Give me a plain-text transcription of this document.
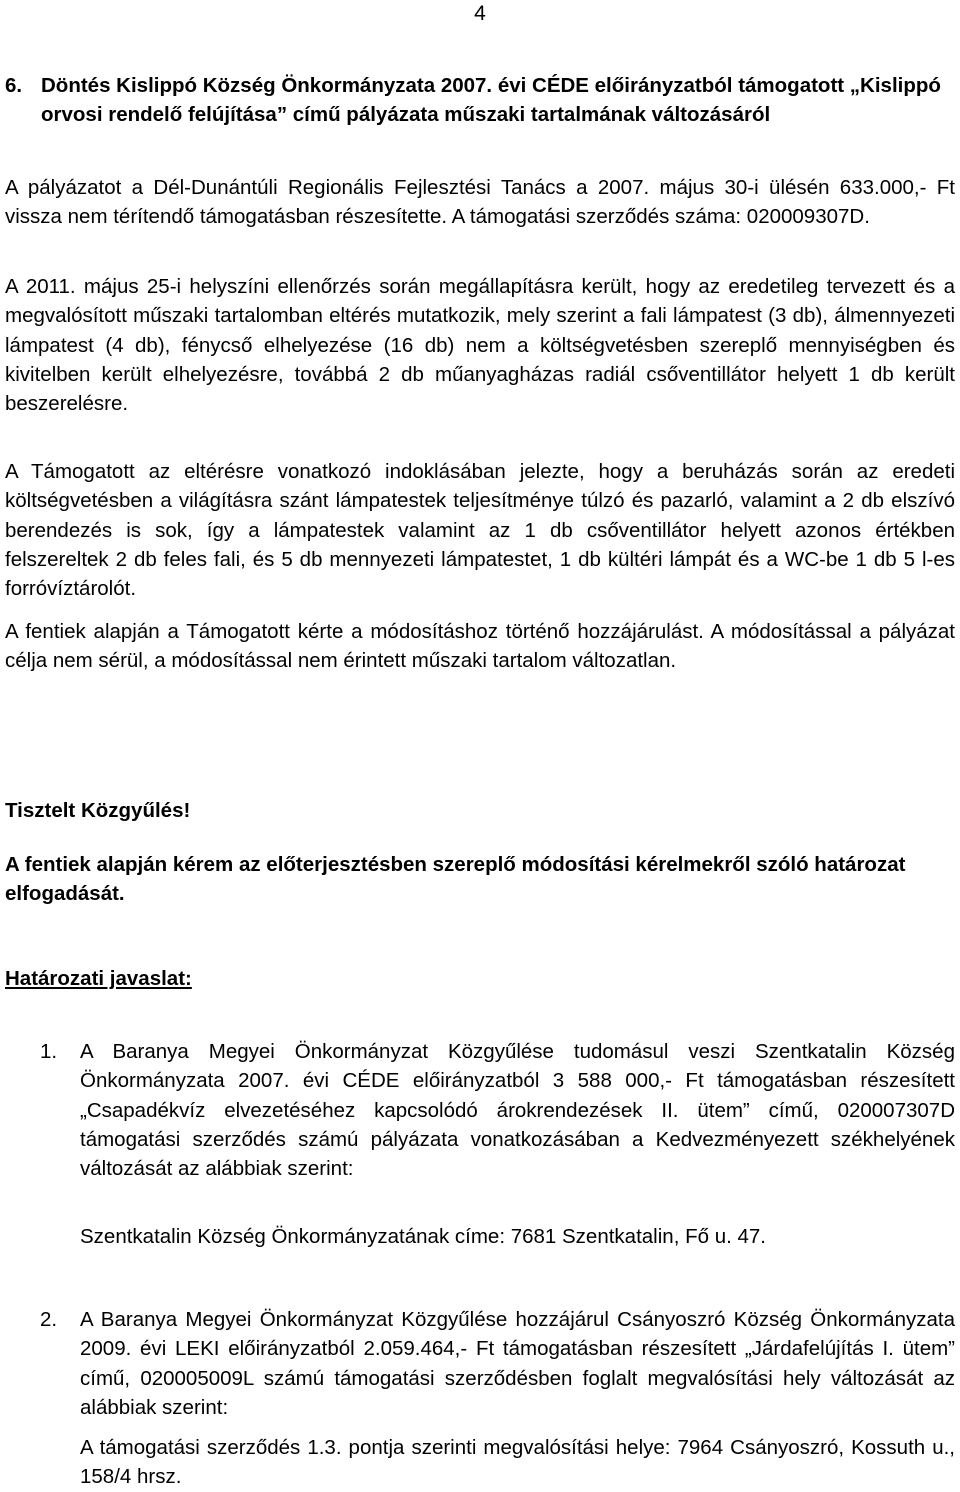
4
6. Döntés Kislippó Község Önkormányzata 2007. évi CÉDE előirányzatból támogatott „Kislippó orvosi rendelő felújítása” című pályázata műszaki tartalmának változásáról
A pályázatot a Dél-Dunántúli Regionális Fejlesztési Tanács a 2007. május 30-i ülésén 633.000,- Ft vissza nem térítendő támogatásban részesítette. A támogatási szerződés száma: 020009307D.
A 2011. május 25-i helyszíni ellenőrzés során megállapításra került, hogy az eredetileg tervezett és a megvalósított műszaki tartalomban eltérés mutatkozik, mely szerint a fali lámpatest (3 db), álmennyezeti lámpatest (4 db), fénycső elhelyezése (16 db) nem a költségvetésben szereplő mennyiségben és kivitelben került elhelyezésre, továbbá 2 db műanyagházas radiál csőventillátor helyett 1 db került beszerelésre.
A Támogatott az eltérésre vonatkozó indoklásában jelezte, hogy a beruházás során az eredeti költségvetésben a világításra szánt lámpatestek teljesítménye túlzó és pazarló, valamint a 2 db elszívó berendezés is sok, így a lámpatestek valamint az 1 db csőventillátor helyett azonos értékben felszereltek 2 db feles fali, és 5 db mennyezeti lámpatestet, 1 db kültéri lámpát és a WC-be 1 db 5 l-es forróvíztárolót.
A fentiek alapján a Támogatott kérte a módosításhoz történő hozzájárulást. A módosítással a pályázat célja nem sérül, a módosítással nem érintett műszaki tartalom változatlan.
Tisztelt Közgyűlés!
A fentiek alapján kérem az előterjesztésben szereplő módosítási kérelmekről szóló határozat elfogadását.
Határozati javaslat:
1. A Baranya Megyei Önkormányzat Közgyűlése tudomásul veszi Szentkatalin Község Önkormányzata 2007. évi CÉDE előirányzatból 3 588 000,- Ft támogatásban részesített „Csapadékvíz elvezetéséhez kapcsolódó árokrendezések II. ütem” című, 020007307D támogatási szerződés számú pályázata vonatkozásában a Kedvezményezett székhelyének változását az alábbiak szerint:
Szentkatalin Község Önkormányzatának címe: 7681 Szentkatalin, Fő u. 47.
2. A Baranya Megyei Önkormányzat Közgyűlése hozzájárul Csányoszró Község Önkormányzata 2009. évi LEKI előirányzatból 2.059.464,- Ft támogatásban részesített „Járdafelújítás I. ütem” című, 020005009L számú támogatási szerződésben foglalt megvalósítási hely változását az alábbiak szerint:
A támogatási szerződés 1.3. pontja szerinti megvalósítási helye: 7964 Csányoszró, Kossuth u., 158/4 hrsz.
